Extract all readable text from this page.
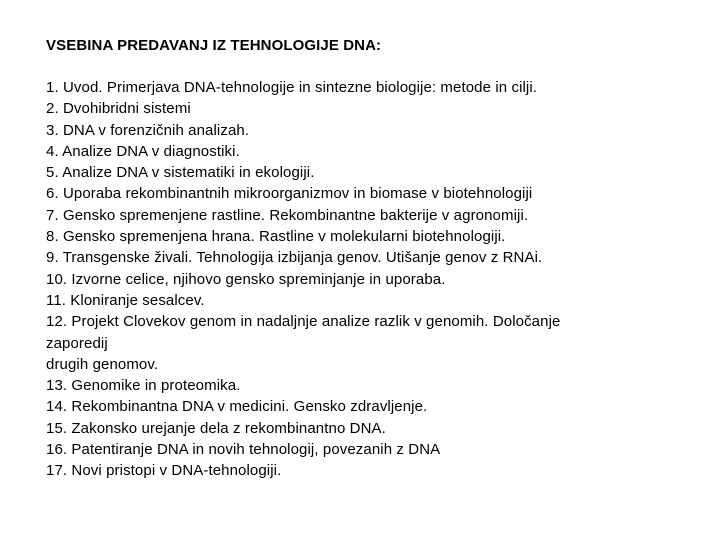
VSEBINA PREDAVANJ IZ TEHNOLOGIJE DNA:
1. Uvod. Primerjava DNA-tehnologije in sintezne biologije: metode in cilji.
2. Dvohibridni sistemi
3. DNA v forenzičnih analizah.
4. Analize DNA v diagnostiki.
5. Analize DNA v sistematiki in ekologiji.
6. Uporaba rekombinantnih mikroorganizmov in biomase v biotehnologiji
7. Gensko spremenjene rastline. Rekombinantne bakterije v agronomiji.
8. Gensko spremenjena hrana. Rastline v molekularni biotehnologiji.
9. Transgenske živali. Tehnologija izbijanja genov. Utišanje genov z RNAi.
10. Izvorne celice, njihovo gensko spreminjanje in uporaba.
11. Kloniranje sesalcev.
12. Projekt Clovekov genom in nadaljnje analize razlik v genomih. Določanje
zaporedij
drugih genomov.
13. Genomike in proteomika.
14. Rekombinantna DNA v medicini. Gensko zdravljenje.
15. Zakonsko urejanje dela z rekombinantno DNA.
16. Patentiranje DNA in novih tehnologij, povezanih z DNA
17. Novi pristopi v DNA-tehnologiji.
